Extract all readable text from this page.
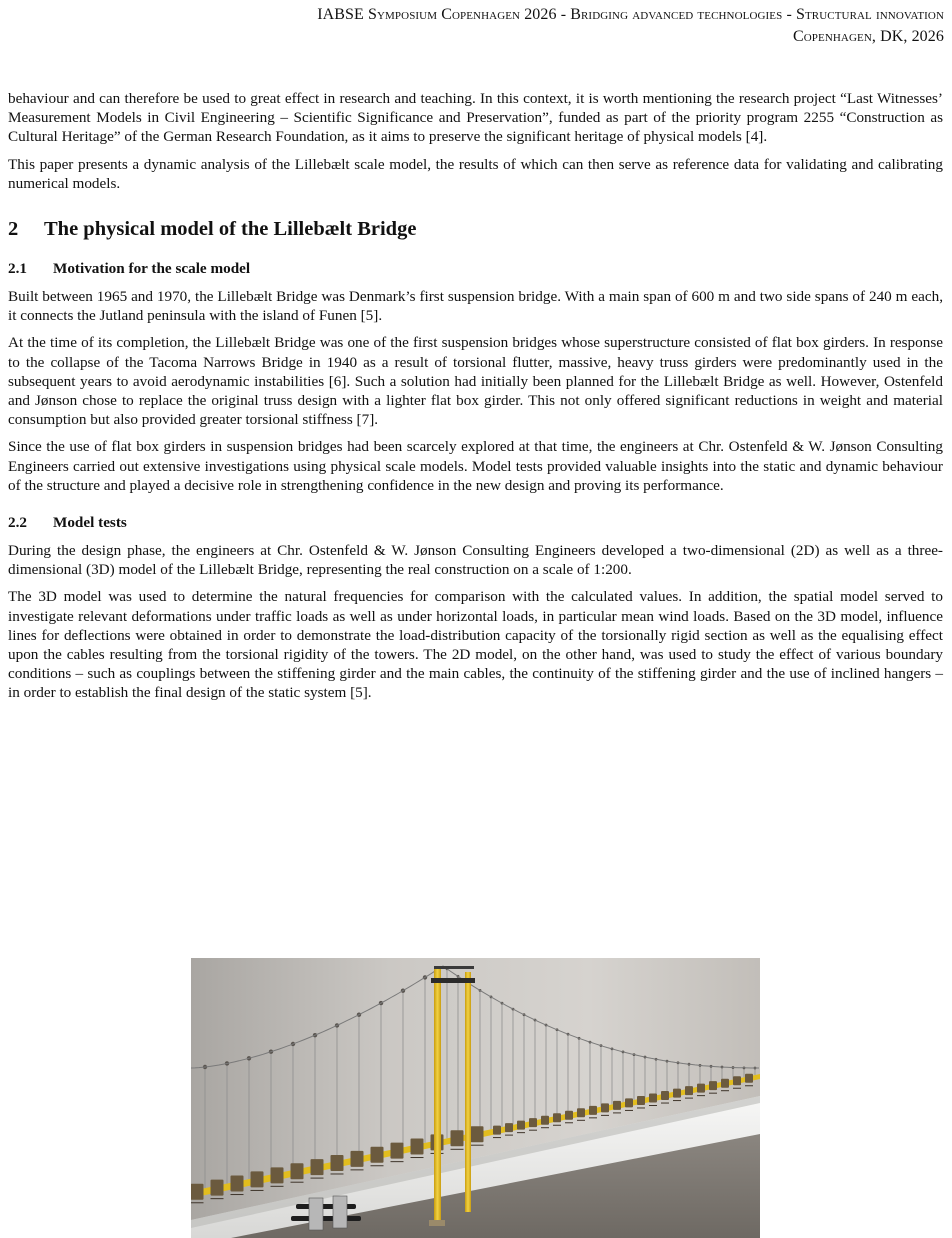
IABSE Symposium Copenhagen 2026 - Bridging advanced technologies - Structural innovation
Copenhagen, DK, 2026

behaviour and can therefore be used to great effect in research and teaching. In this context, it is worth mentioning the research project “Last Witnesses’ Measurement Models in Civil Engineering – Scientific Significance and Preservation”, funded as part of the priority program 2255 “Construction as Cultural Heritage” of the German Research Foundation, as it aims to preserve the significant heritage of physical models [4].

This paper presents a dynamic analysis of the Lillebælt scale model, the results of which can then serve as reference data for validating and calibrating numerical models.

2	The physical model of the Lillebælt Bridge
2.1	Motivation for the scale model

Built between 1965 and 1970, the Lillebælt Bridge was Denmark’s first suspension bridge. With a main span of 600 m and two side spans of 240 m each, it connects the Jutland peninsula with the island of Funen [5].

At the time of its completion, the Lillebælt Bridge was one of the first suspension bridges whose superstructure consisted of flat box girders. In response to the collapse of the Tacoma Narrows Bridge in 1940 as a result of torsional flutter, massive, heavy truss girders were predominantly used in the subsequent years to avoid aerodynamic instabilities [6]. Such a solution had initially been planned for the Lillebælt Bridge as well. However, Ostenfeld and Jønson chose to replace the original truss design with a lighter flat box girder. This not only offered significant reductions in weight and material consumption but also provided greater torsional stiffness [7].

Since the use of flat box girders in suspension bridges had been scarcely explored at that time, the engineers at Chr. Ostenfeld & W. Jønson Consulting Engineers carried out extensive investigations using physical scale models. Model tests provided valuable insights into the static and dynamic behaviour of the structure and played a decisive role in strengthening confidence in the new design and proving its performance.

2.2	Model tests

During the design phase, the engineers at Chr. Ostenfeld & W. Jønson Consulting Engineers developed a two-dimensional (2D) as well as a three-dimensional (3D) model of the Lillebælt Bridge, representing the real construction on a scale of 1:200.

The 3D model was used to determine the natural frequencies for comparison with the calculated values. In addition, the spatial model served to investigate relevant deformations under traffic loads as well as under horizontal loads, in particular mean wind loads. Based on the 3D model, influence lines for deflections were obtained in order to demonstrate the load-distribution capacity of the torsionally rigid section as well as the equalising effect upon the cables resulting from the torsional rigidity of the towers. The 2D model, on the other hand, was used to study the effect of various boundary conditions – such as couplings between the stiffening girder and the main cables, the continuity of the stiffening girder and the use of inclined hangers – in order to establish the final design of the static system [5].
